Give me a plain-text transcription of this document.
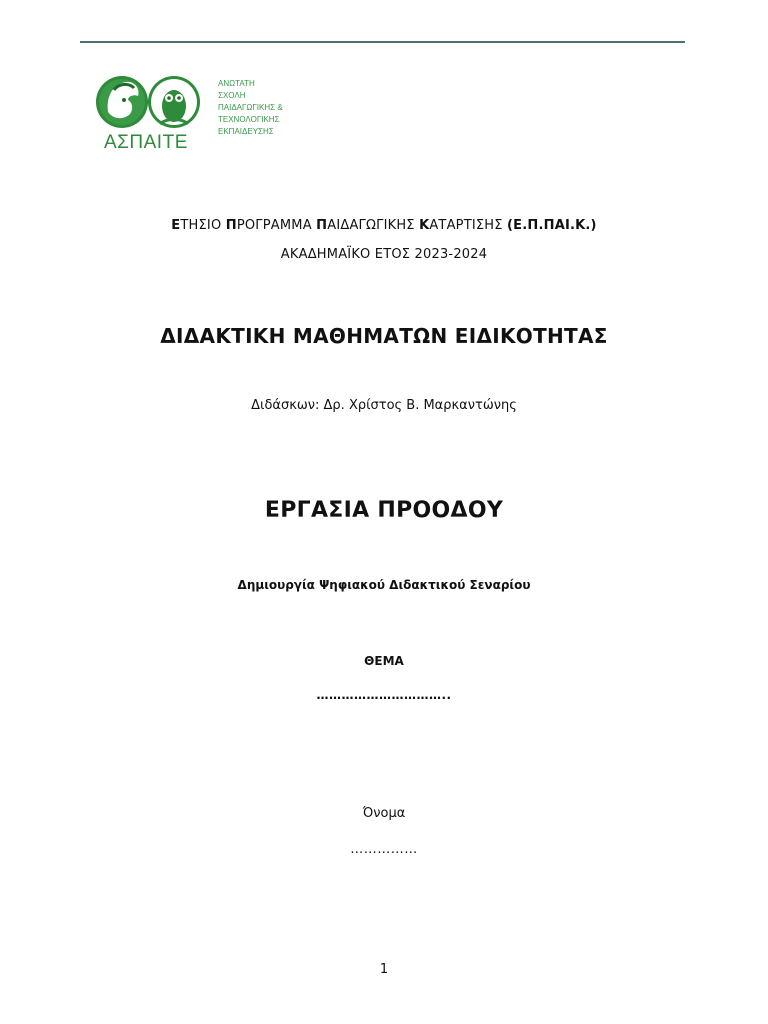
ΑΣΠΑΙΤΕ
ΑΝΩΤΑΤΗ
ΣΧΟΛΗ
ΠΑΙΔΑΓΩΓΙΚΗΣ &
ΤΕΧΝΟΛΟΓΙΚΗΣ
ΕΚΠΑΙΔΕΥΣΗΣ
ΕΤΗΣΙΟ ΠΡΟΓΡΑΜΜΑ ΠΑΙΔΑΓΩΓΙΚΗΣ ΚΑΤΑΡΤΙΣΗΣ (Ε.Π.ΠΑΙ.Κ.)
ΑΚΑΔΗΜΑΪΚΟ ΕΤΟΣ 2023-2024
ΔΙΔΑΚΤΙΚΗ ΜΑΘΗΜΑΤΩΝ ΕΙΔΙΚΟΤΗΤΑΣ
Διδάσκων: Δρ. Χρίστος Β. Μαρκαντώνης
ΕΡΓΑΣΙΑ ΠΡΟΟΔΟΥ
Δημιουργία Ψηφιακού Διδακτικού Σεναρίου
ΘΕΜΑ
…………………………..
Όνομα
……………
1
